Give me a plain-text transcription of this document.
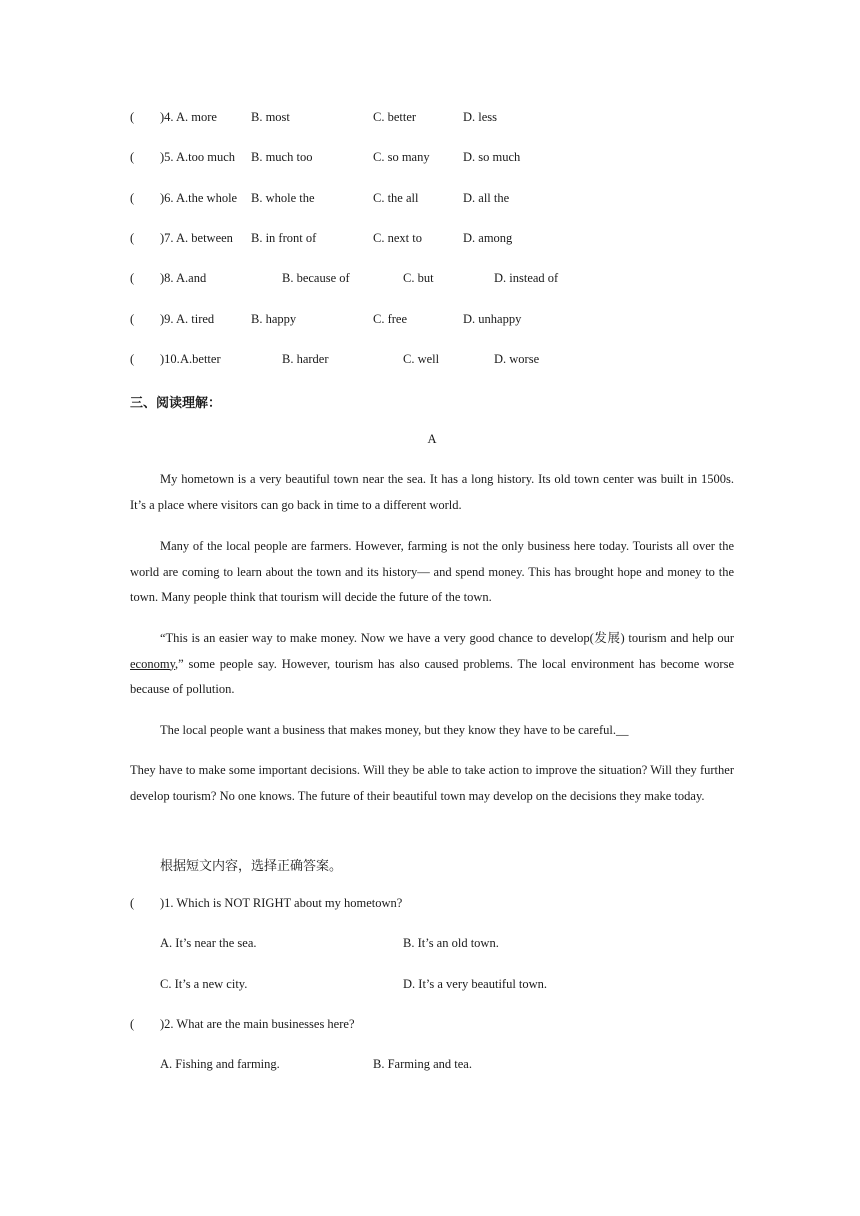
( )4. A. more	B. most	C. better	D. less
( )5. A.too much B. much too	C. so many	D. so much
( )6. A.the whole B. whole the	C. the all	D. all the
( )7. A. between B. in front of	C. next to	D. among
( )8. A.and	B. because of	C. but	D. instead of
( )9. A. tired	B. happy	C. free	D. unhappy
( )10. A.better	B. harder	C. well	D. worse
三、阅读理解：
A
My hometown is a very beautiful town near the sea. It has a long history. Its old town center was built in 1500s. It’s a place where visitors can go back in time to a different world.
Many of the local people are farmers. However, farming is not the only business here today. Tourists all over the world are coming to learn about the town and its history— and spend money. This has brought hope and money to the town. Many people think that tourism will decide the future of the town.
“This is an easier way to make money. Now we have a very good chance to develop(发展) tourism and help our economy,” some people say. However, tourism has also caused problems. The local environment has become worse because of pollution.
The local people want a business that makes money, but they know they have to be careful.__
They have to make some important decisions. Will they be able to take action to improve the situation? Will they further develop tourism? No one knows. The future of their beautiful town may develop on the decisions they make today.
根据短文内容，选择正确答案。
( )1. Which is NOT RIGHT about my hometown?
A. It’s near the sea.	B. It’s an old town.
C. It’s a new city.	D. It’s a very beautiful town.
( )2. What are the main businesses here?
A. Fishing and farming.	B. Farming and tea.
